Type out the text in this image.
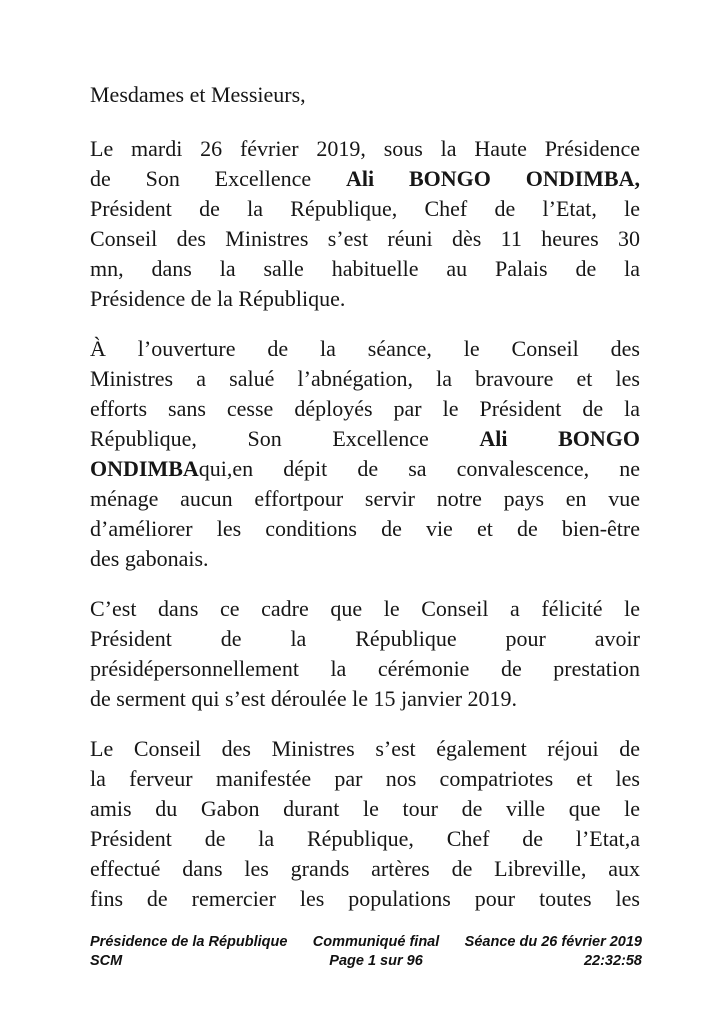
Mesdames et Messieurs,
Le mardi 26 février 2019, sous la Haute Présidence
de Son Excellence Ali BONGO ONDIMBA,
Président de la République, Chef de l’Etat, le
Conseil des Ministres s’est réuni dès 11 heures 30
mn, dans la salle habituelle au Palais de la
Présidence de la République.
À l’ouverture de la séance, le Conseil des
Ministres a salué l’abnégation, la bravoure et les
efforts sans cesse déployés par le Président de la
République, Son Excellence Ali BONGO
ONDIMBAqui,en dépit de sa convalescence, ne
ménage aucun effortpour servir notre pays en vue
d’améliorer les conditions de vie et de bien-être
des gabonais.
C’est dans ce cadre que le Conseil a félicité le
Président de la République pour avoir
présidépersonnellement la cérémonie de prestation
de serment qui s’est déroulée le 15 janvier 2019.
Le Conseil des Ministres s’est également réjoui de
la ferveur manifestée par nos compatriotes et les
amis du Gabon durant le tour de ville que le
Président de la République, Chef de l’Etat,a
effectué dans les grands artères de Libreville, aux
fins de remercier les populations pour toutes les
Présidence de la République
SCM
Communiqué final
Page 1 sur 96
Séance du 26 février 2019
22:32:58
